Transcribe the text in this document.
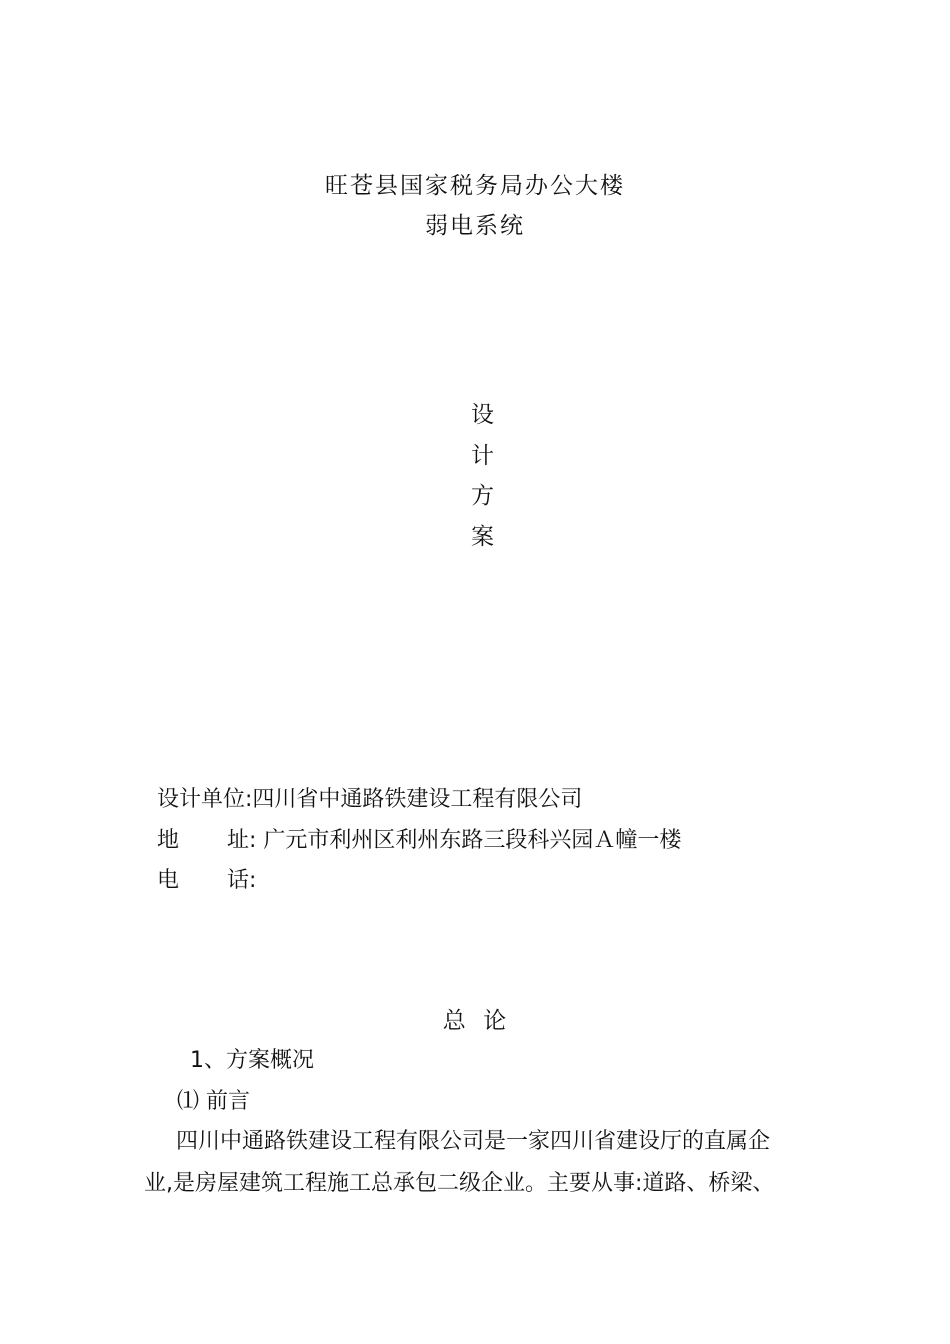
旺苍县国家税务局办公大楼
弱电系统
设
计
方
案
设计单位:四川省中通路铁建设工程有限公司
地 址: 广元市利州区利州东路三段科兴园Ａ幢一楼
电 话:
总  论
1、方案概况
⑴ 前言
四川中通路铁建设工程有限公司是一家四川省建设厅的直属企
业,是房屋建筑工程施工总承包二级企业。主要从事:道路、桥梁、
